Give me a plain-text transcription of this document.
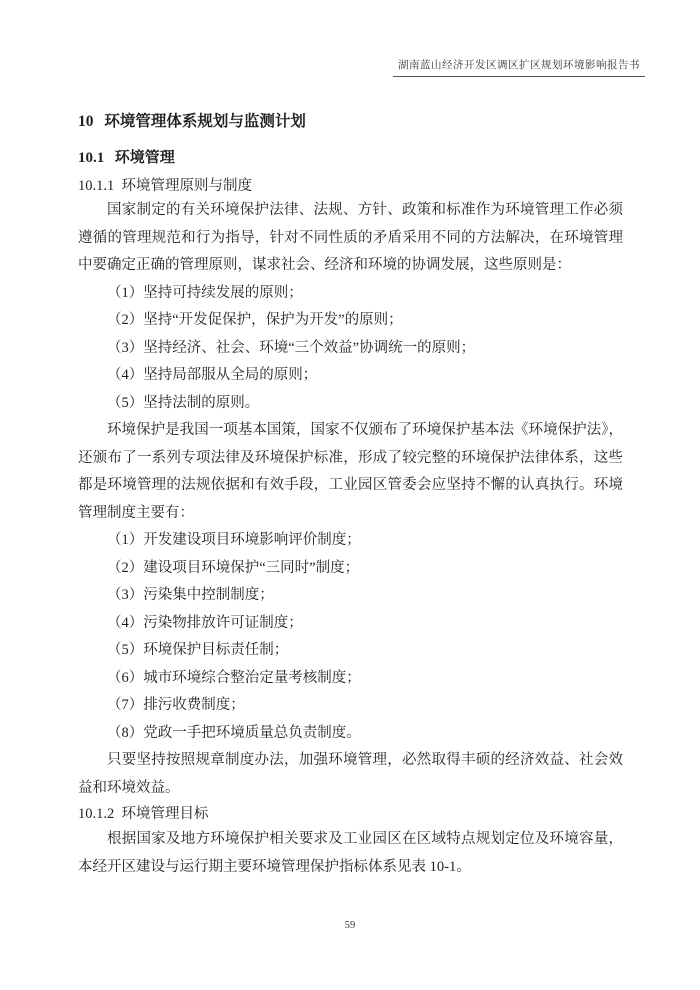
湖南蓝山经济开发区调区扩区规划环境影响报告书
10 环境管理体系规划与监测计划
10.1 环境管理
10.1.1 环境管理原则与制度

国家制定的有关环境保护法律、法规、方针、政策和标准作为环境管理工作必须遵循的管理规范和行为指导，针对不同性质的矛盾采用不同的方法解决，在环境管理中要确定正确的管理原则，谋求社会、经济和环境的协调发展，这些原则是：

（1）坚持可持续发展的原则；
（2）坚持“开发促保护，保护为开发”的原则；
（3）坚持经济、社会、环境“三个效益”协调统一的原则；
（4）坚持局部服从全局的原则；
（5）坚持法制的原则。

环境保护是我国一项基本国策，国家不仅颁布了环境保护基本法《环境保护法》，还颁布了一系列专项法律及环境保护标准，形成了较完整的环境保护法律体系，这些都是环境管理的法规依据和有效手段，工业园区管委会应坚持不懈的认真执行。环境管理制度主要有：

（1）开发建设项目环境影响评价制度；
（2）建设项目环境保护“三同时”制度；
（3）污染集中控制制度；
（4）污染物排放许可证制度；
（5）环境保护目标责任制；
（6）城市环境综合整治定量考核制度；
（7）排污收费制度；
（8）党政一手把环境质量总负责制度。

只要坚持按照规章制度办法，加强环境管理，必然取得丰硕的经济效益、社会效益和环境效益。

10.1.2 环境管理目标

根据国家及地方环境保护相关要求及工业园区在区域特点规划定位及环境容量，本经开区建设与运行期主要环境管理保护指标体系见表 10-1。

59
